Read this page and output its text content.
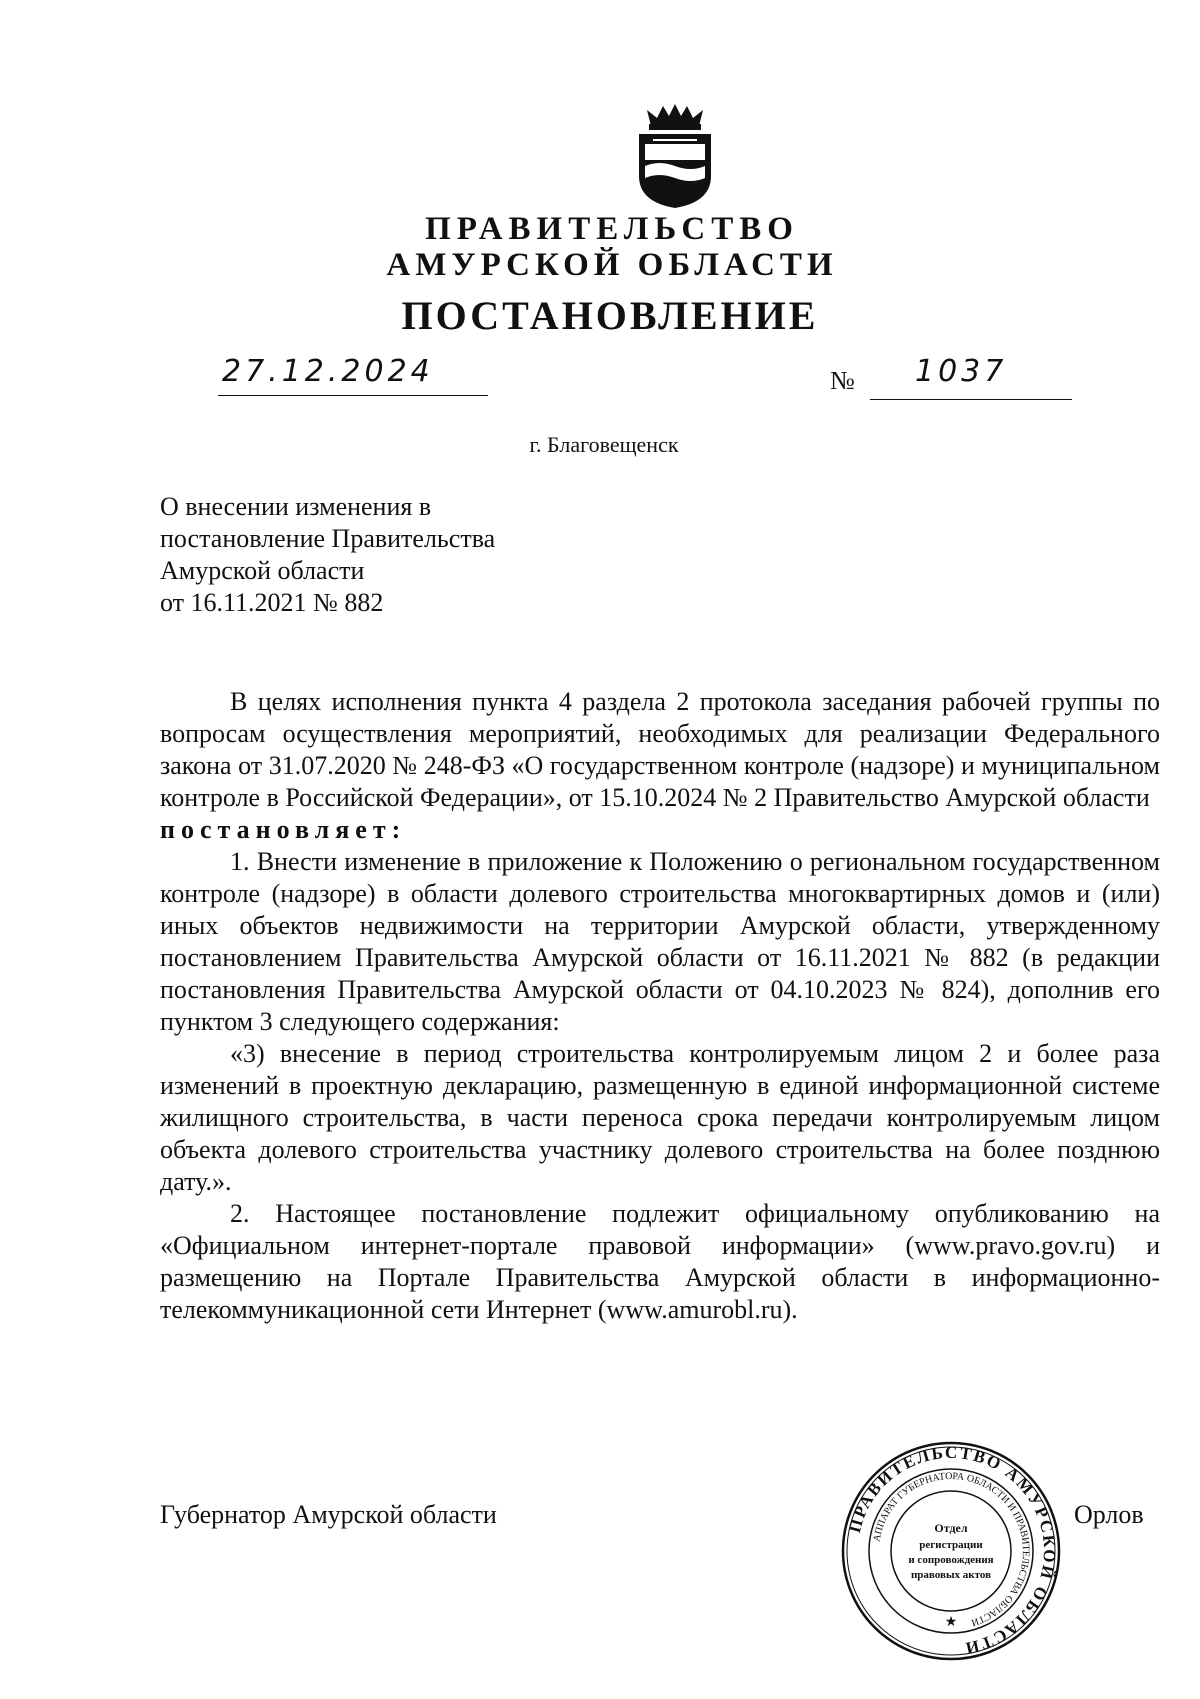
ПРАВИТЕЛЬСТВО
АМУРСКОЙ ОБЛАСТИ
ПОСТАНОВЛЕНИЕ
27.12.2024	№ 1037
г. Благовещенск
О внесении изменения в
постановление Правительства
Амурской области
от 16.11.2021 № 882

В целях исполнения пункта 4 раздела 2 протокола заседания рабочей группы по вопросам осуществления мероприятий, необходимых для реализации Федерального закона от 31.07.2020 № 248-ФЗ «О государственном контроле (надзоре) и муниципальном контроле в Российской Федерации», от 15.10.2024 № 2 Правительство Амурской области

постановляет:

1. Внести изменение в приложение к Положению о региональном государственном контроле (надзоре) в области долевого строительства многоквартирных домов и (или) иных объектов недвижимости на территории Амурской области, утвержденному постановлением Правительства Амурской области от 16.11.2021 № 882 (в редакции постановления Правительства Амурской области от 04.10.2023 № 824), дополнив его пунктом 3 следующего содержания:

«3) внесение в период строительства контролируемым лицом 2 и более раза изменений в проектную декларацию, размещенную в единой информационной системе жилищного строительства, в части переноса срока передачи контролируемым лицом объекта долевого строительства участнику долевого строительства на более позднюю дату.».

2. Настоящее постановление подлежит официальному опубликованию на «Официальном интернет-портале правовой информации» (www.pravo.gov.ru) и размещению на Портале Правительства Амурской области в информационно-телекоммуникационной сети Интернет (www.amurobl.ru).

Губернатор Амурской области	Орлов
ПРАВИТЕЛЬСТВО АМУРСКОЙ ОБЛАСТИ
АППАРАТ ГУБЕРНАТОРА ОБЛАСТИ И ПРАВИТЕЛЬСТВА ОБЛАСТИ
Отдел
регистрации
и сопровождения
правовых актов
★
